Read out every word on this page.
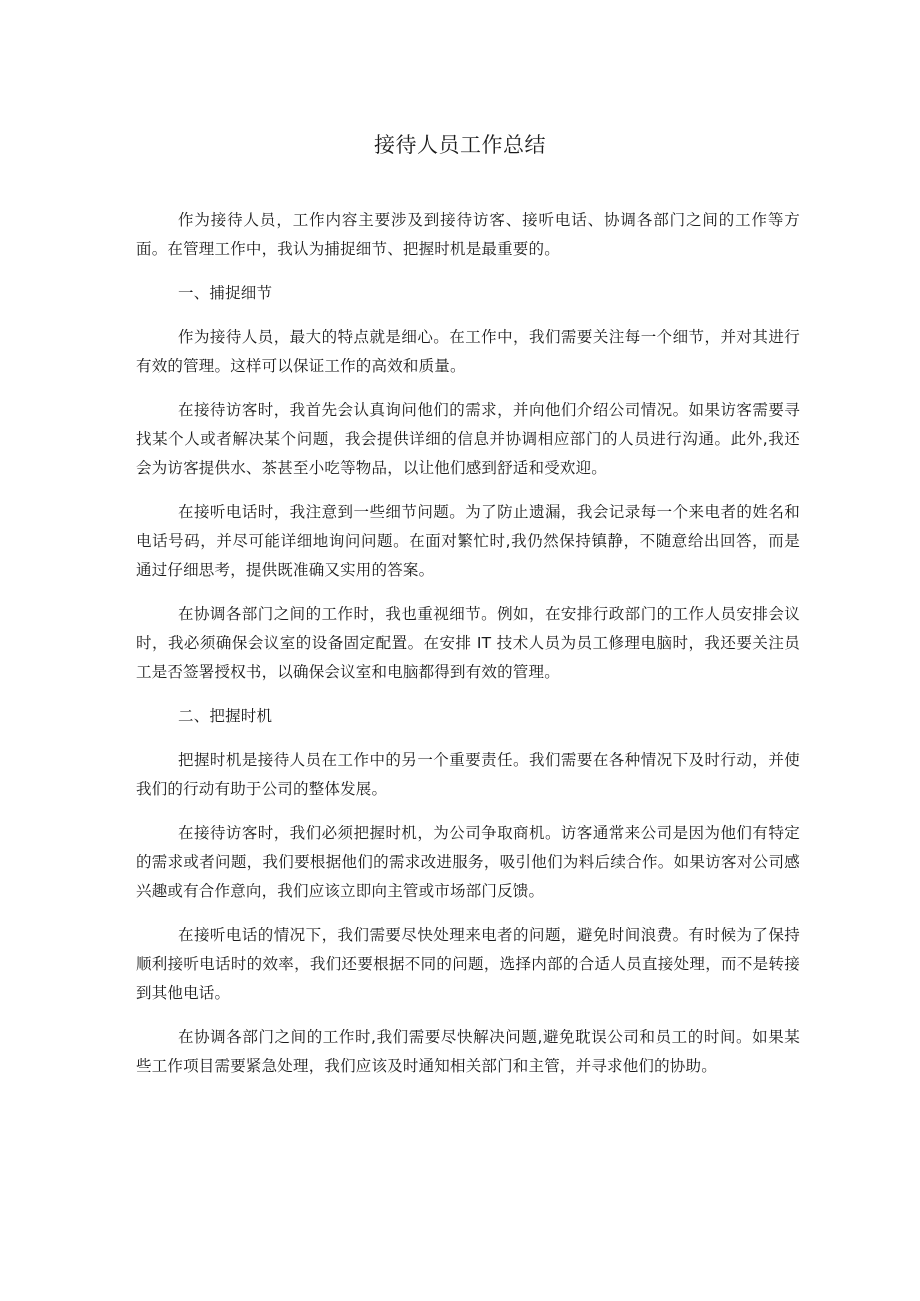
接待人员工作总结

作为接待人员，工作内容主要涉及到接待访客、接听电话、协调各部门之间的工作等方面。在管理工作中，我认为捕捉细节、把握时机是最重要的。

一、捕捉细节

作为接待人员，最大的特点就是细心。在工作中，我们需要关注每一个细节，并对其进行有效的管理。这样可以保证工作的高效和质量。

在接待访客时，我首先会认真询问他们的需求，并向他们介绍公司情况。如果访客需要寻找某个人或者解决某个问题，我会提供详细的信息并协调相应部门的人员进行沟通。此外,我还会为访客提供水、茶甚至小吃等物品，以让他们感到舒适和受欢迎。

在接听电话时，我注意到一些细节问题。为了防止遗漏，我会记录每一个来电者的姓名和电话号码，并尽可能详细地询问问题。在面对繁忙时,我仍然保持镇静，不随意给出回答，而是通过仔细思考，提供既准确又实用的答案。

在协调各部门之间的工作时，我也重视细节。例如，在安排行政部门的工作人员安排会议时，我必须确保会议室的设备固定配置。在安排 IT 技术人员为员工修理电脑时，我还要关注员工是否签署授权书，以确保会议室和电脑都得到有效的管理。

二、把握时机

把握时机是接待人员在工作中的另一个重要责任。我们需要在各种情况下及时行动，并使我们的行动有助于公司的整体发展。

在接待访客时，我们必须把握时机，为公司争取商机。访客通常来公司是因为他们有特定的需求或者问题，我们要根据他们的需求改进服务，吸引他们为料后续合作。如果访客对公司感兴趣或有合作意向，我们应该立即向主管或市场部门反馈。

在接听电话的情况下，我们需要尽快处理来电者的问题，避免时间浪费。有时候为了保持顺利接听电话时的效率，我们还要根据不同的问题，选择内部的合适人员直接处理，而不是转接到其他电话。

在协调各部门之间的工作时,我们需要尽快解决问题,避免耽误公司和员工的时间。如果某些工作项目需要紧急处理，我们应该及时通知相关部门和主管，并寻求他们的协助。
